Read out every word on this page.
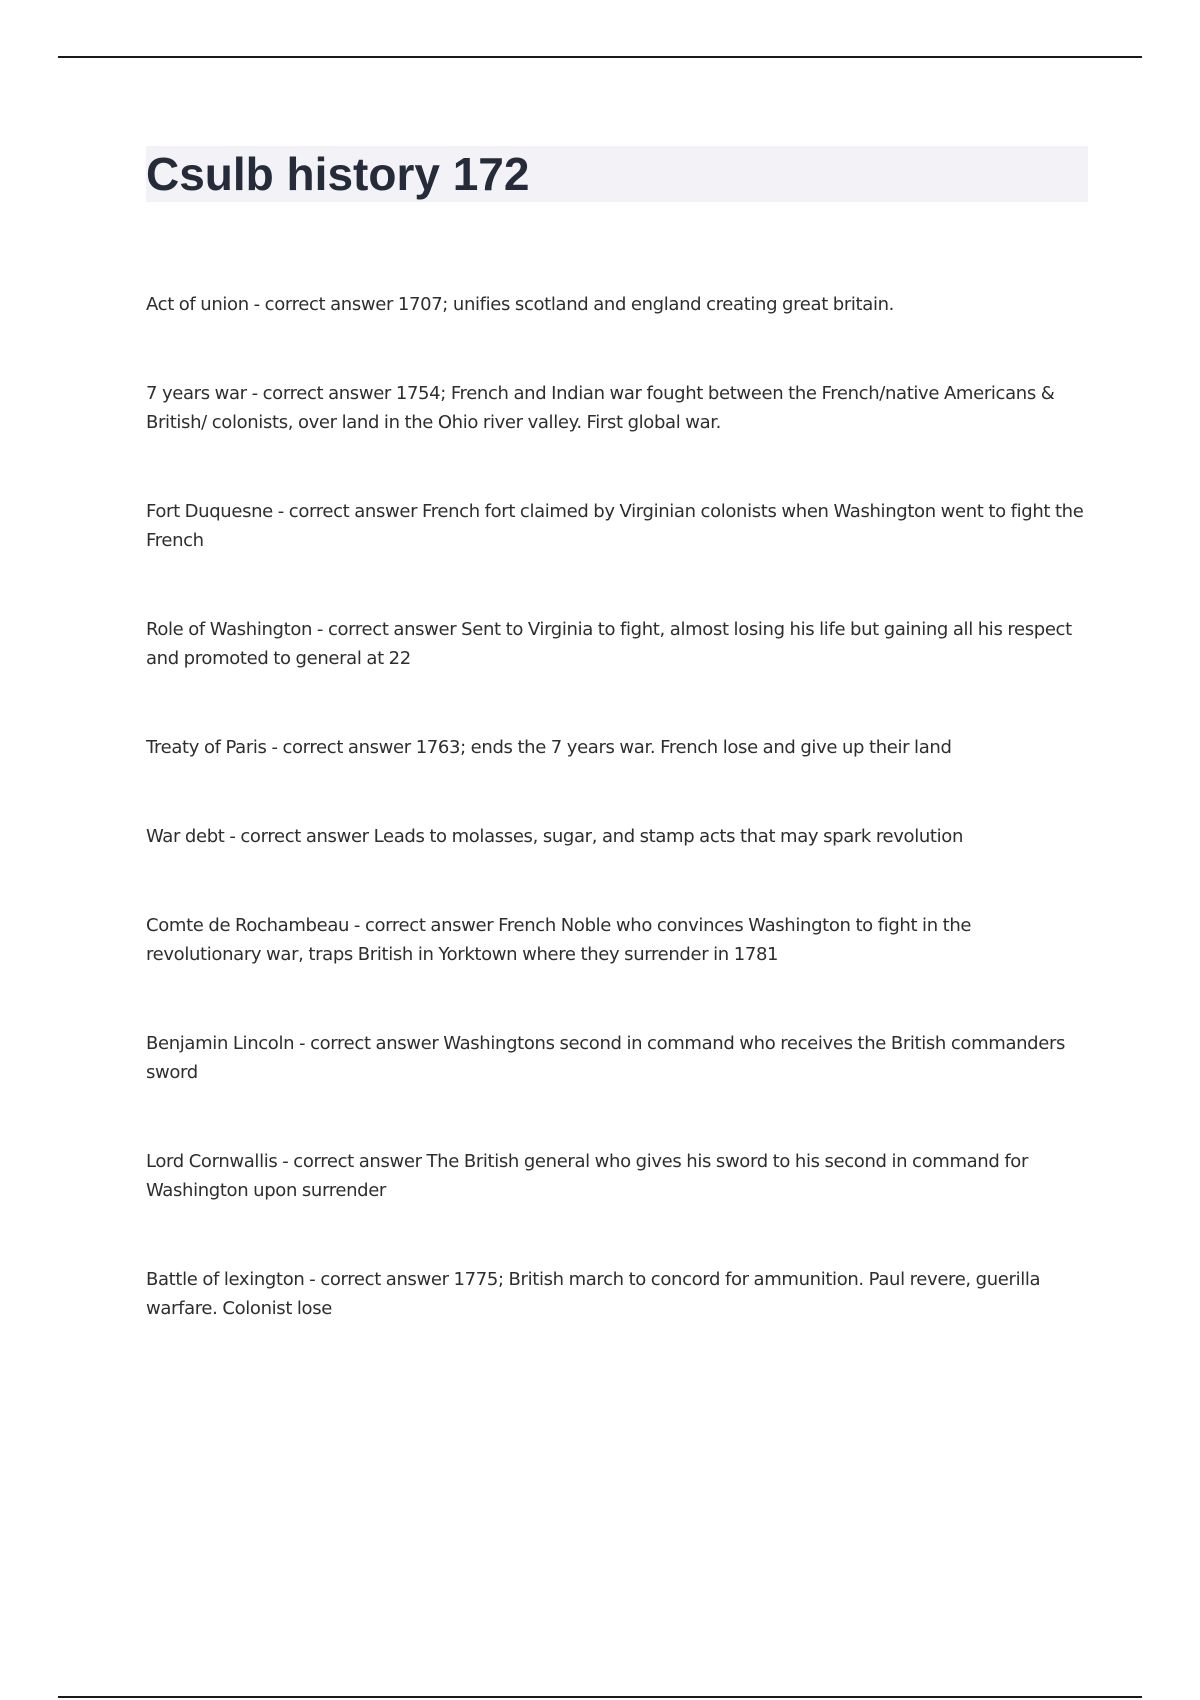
Csulb history 172
Act of union - correct answer 1707; unifies scotland and england creating great britain.
7 years war - correct answer 1754; French and Indian war fought between the French/native Americans & British/ colonists, over land in the Ohio river valley. First global war.
Fort Duquesne - correct answer French fort claimed by Virginian colonists when Washington went to fight the French
Role of Washington - correct answer Sent to Virginia to fight, almost losing his life but gaining all his respect and promoted to general at 22
Treaty of Paris - correct answer 1763; ends the 7 years war. French lose and give up their land
War debt - correct answer Leads to molasses, sugar, and stamp acts that may spark revolution
Comte de Rochambeau - correct answer French Noble who convinces Washington to fight in the revolutionary war, traps British in Yorktown where they surrender in 1781
Benjamin Lincoln - correct answer Washingtons second in command who receives the British commanders sword
Lord Cornwallis - correct answer The British general who gives his sword to his second in command for Washington upon surrender
Battle of lexington - correct answer 1775; British march to concord for ammunition. Paul revere, guerilla warfare. Colonist lose
